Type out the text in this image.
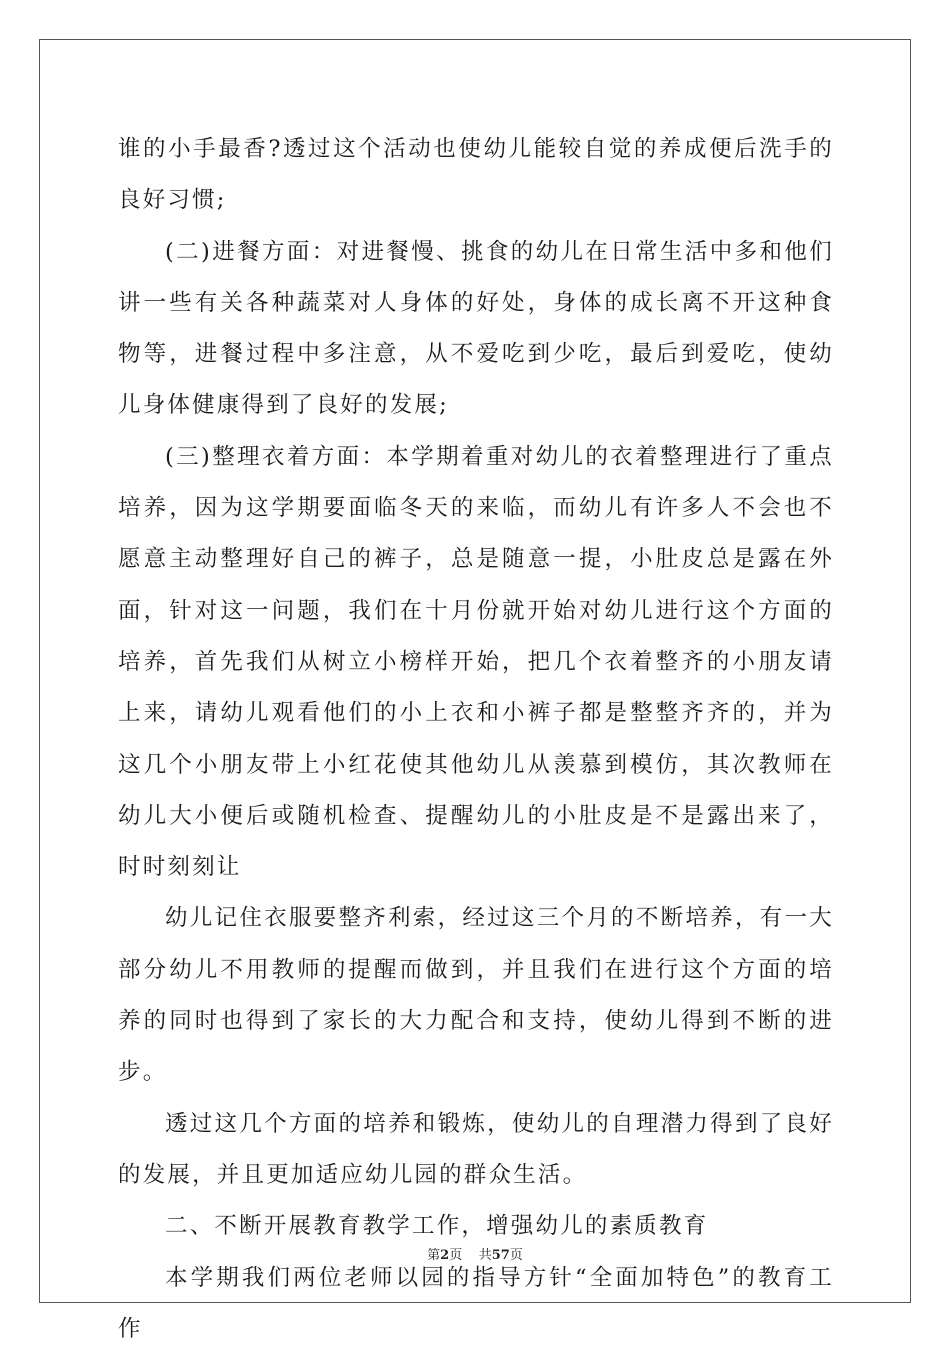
谁的小手最香?透过这个活动也使幼儿能较自觉的养成便后洗手的良好习惯;

(二)进餐方面：对进餐慢、挑食的幼儿在日常生活中多和他们讲一些有关各种蔬菜对人身体的好处，身体的成长离不开这种食物等，进餐过程中多注意，从不爱吃到少吃，最后到爱吃，使幼儿身体健康得到了良好的发展;

(三)整理衣着方面：本学期着重对幼儿的衣着整理进行了重点培养，因为这学期要面临冬天的来临，而幼儿有许多人不会也不愿意主动整理好自己的裤子，总是随意一提，小肚皮总是露在外面，针对这一问题，我们在十月份就开始对幼儿进行这个方面的培养，首先我们从树立小榜样开始，把几个衣着整齐的小朋友请上来，请幼儿观看他们的小上衣和小裤子都是整整齐齐的，并为这几个小朋友带上小红花使其他幼儿从羡慕到模仿，其次教师在幼儿大小便后或随机检查、提醒幼儿的小肚皮是不是露出来了，时时刻刻让

幼儿记住衣服要整齐利索，经过这三个月的不断培养，有一大部分幼儿不用教师的提醒而做到，并且我们在进行这个方面的培养的同时也得到了家长的大力配合和支持，使幼儿得到不断的进步。

透过这几个方面的培养和锻炼，使幼儿的自理潜力得到了良好的发展，并且更加适应幼儿园的群众生活。

二、不断开展教育教学工作，增强幼儿的素质教育

本学期我们两位老师以园的指导方针“全面加特色”的教育工作

第2页 共57页
